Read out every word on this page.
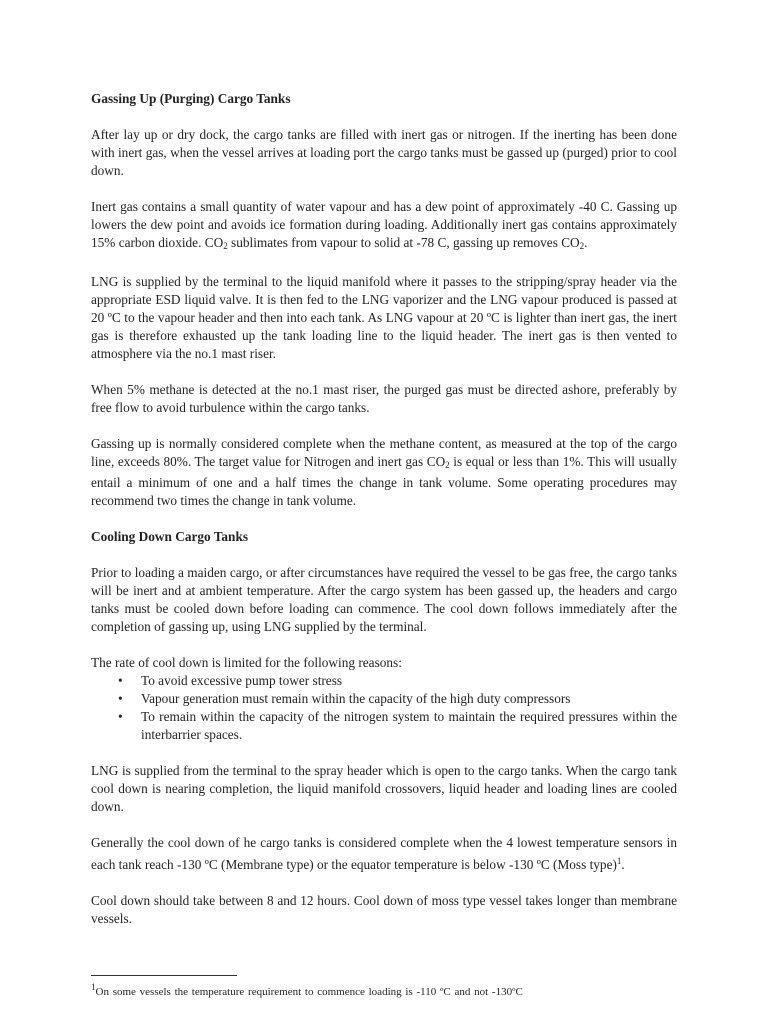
Gassing Up (Purging) Cargo Tanks

After lay up or dry dock, the cargo tanks are filled with inert gas or nitrogen. If the inerting has been done with inert gas, when the vessel arrives at loading port the cargo tanks must be gassed up (purged) prior to cool down.

Inert gas contains a small quantity of water vapour and has a dew point of approximately -40 C. Gassing up lowers the dew point and avoids ice formation during loading. Additionally inert gas contains approximately 15% carbon dioxide. $CO_2$ sublimates from vapour to solid at -78 C, gassing up removes $CO_2$.

LNG is supplied by the terminal to the liquid manifold where it passes to the stripping/spray header via the appropriate ESD liquid valve. It is then fed to the LNG vaporizer and the LNG vapour produced is passed at 20 ºC to the vapour header and then into each tank. As LNG vapour at 20 ºC is lighter than inert gas, the inert gas is therefore exhausted up the tank loading line to the liquid header. The inert gas is then vented to atmosphere via the no.1 mast riser.

When 5% methane is detected at the no.1 mast riser, the purged gas must be directed ashore, preferably by free flow to avoid turbulence within the cargo tanks.

Gassing up is normally considered complete when the methane content, as measured at the top of the cargo line, exceeds 80%. The target value for Nitrogen and inert gas $CO_2$ is equal or less than 1%. This will usually entail a minimum of one and a half times the change in tank volume. Some operating procedures may recommend two times the change in tank volume.

Cooling Down Cargo Tanks

Prior to loading a maiden cargo, or after circumstances have required the vessel to be gas free, the cargo tanks will be inert and at ambient temperature. After the cargo system has been gassed up, the headers and cargo tanks must be cooled down before loading can commence. The cool down follows immediately after the completion of gassing up, using LNG supplied by the terminal.

The rate of cool down is limited for the following reasons:

• To avoid excessive pump tower stress
• Vapour generation must remain within the capacity of the high duty compressors
• To remain within the capacity of the nitrogen system to maintain the required pressures within the interbarrier spaces.

LNG is supplied from the terminal to the spray header which is open to the cargo tanks. When the cargo tank cool down is nearing completion, the liquid manifold crossovers, liquid header and loading lines are cooled down.

Generally the cool down of he cargo tanks is considered complete when the 4 lowest temperature sensors in each tank reach -130 ºC (Membrane type) or the equator temperature is below -130 ºC (Moss type)$^1$.

Cool down should take between 8 and 12 hours. Cool down of moss type vessel takes longer than membrane vessels.

$^1$On some vessels the temperature requirement to commence loading is -110 ºC and not -130ºC
